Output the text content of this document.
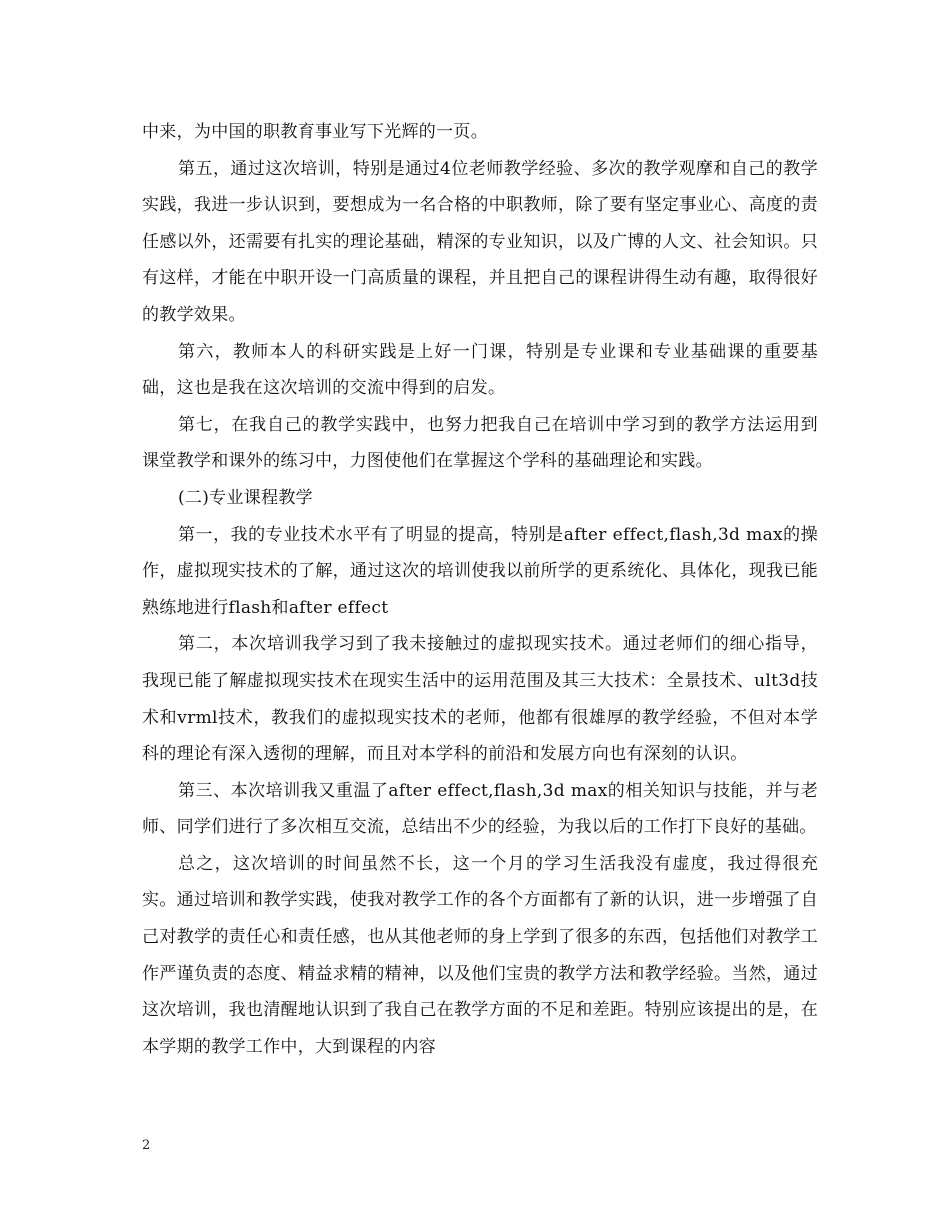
中来，为中国的职教育事业写下光辉的一页。

第五，通过这次培训，特别是通过4位老师教学经验、多次的教学观摩和自己的教学实践，我进一步认识到，要想成为一名合格的中职教师，除了要有坚定事业心、高度的责任感以外，还需要有扎实的理论基础，精深的专业知识，以及广博的人文、社会知识。只有这样，才能在中职开设一门高质量的课程，并且把自己的课程讲得生动有趣，取得很好的教学效果。

第六，教师本人的科研实践是上好一门课，特别是专业课和专业基础课的重要基础，这也是我在这次培训的交流中得到的启发。

第七，在我自己的教学实践中，也努力把我自己在培训中学习到的教学方法运用到课堂教学和课外的练习中，力图使他们在掌握这个学科的基础理论和实践。

(二)专业课程教学

第一，我的专业技术水平有了明显的提高，特别是after effect,flash,3d max的操作，虚拟现实技术的了解，通过这次的培训使我以前所学的更系统化、具体化，现我已能熟练地进行flash和after effect

第二，本次培训我学习到了我未接触过的虚拟现实技术。通过老师们的细心指导，我现已能了解虚拟现实技术在现实生活中的运用范围及其三大技术：全景技术、ult3d技术和vrml技术，教我们的虚拟现实技术的老师，他都有很雄厚的教学经验，不但对本学科的理论有深入透彻的理解，而且对本学科的前沿和发展方向也有深刻的认识。

第三、本次培训我又重温了after effect,flash,3d max的相关知识与技能，并与老师、同学们进行了多次相互交流，总结出不少的经验，为我以后的工作打下良好的基础。

总之，这次培训的时间虽然不长，这一个月的学习生活我没有虚度，我过得很充实。通过培训和教学实践，使我对教学工作的各个方面都有了新的认识，进一步增强了自己对教学的责任心和责任感，也从其他老师的身上学到了很多的东西，包括他们对教学工作严谨负责的态度、精益求精的精神，以及他们宝贵的教学方法和教学经验。当然，通过这次培训，我也清醒地认识到了我自己在教学方面的不足和差距。特别应该提出的是，在本学期的教学工作中，大到课程的内容

2
